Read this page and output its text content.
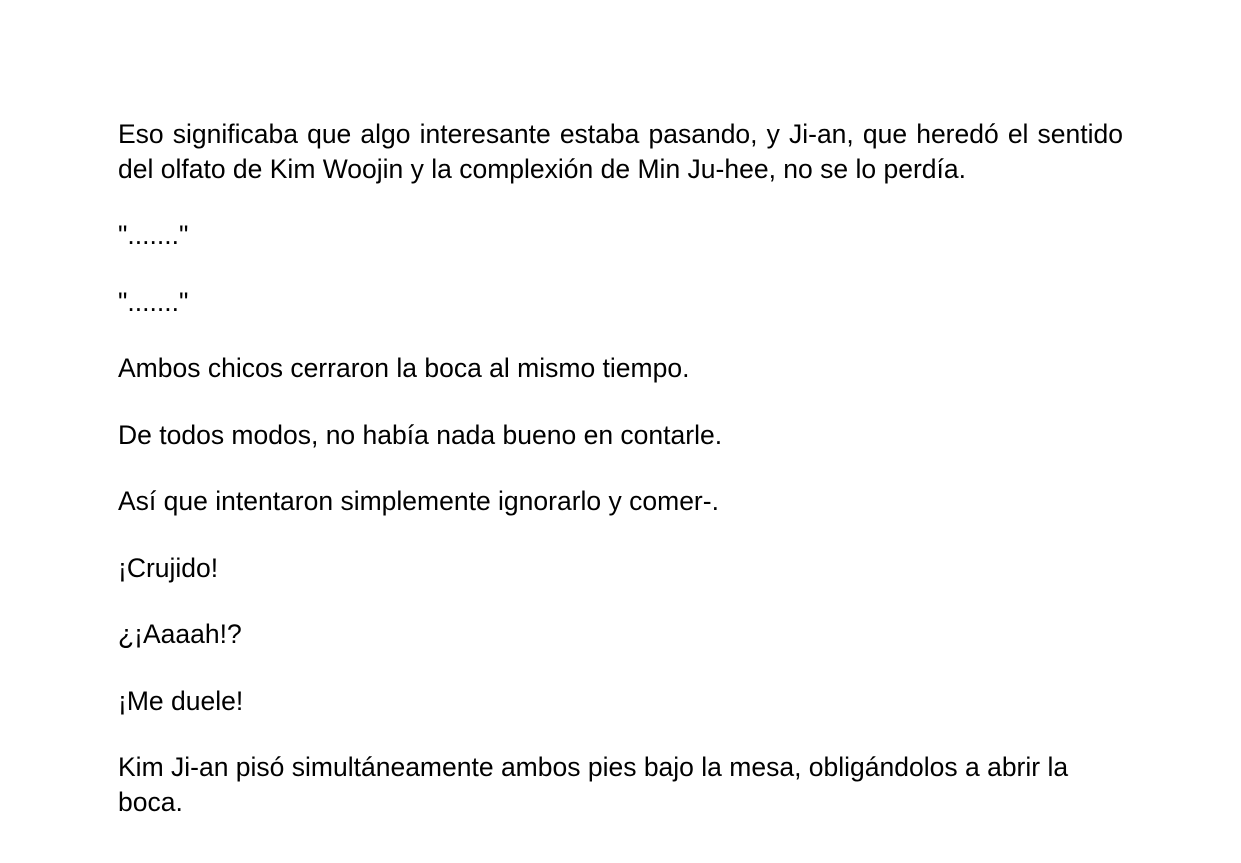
Eso significaba que algo interesante estaba pasando, y Ji-an, que heredó el sentido del olfato de Kim Woojin y la complexión de Min Ju-hee, no se lo perdía.

"......."

"......."

Ambos chicos cerraron la boca al mismo tiempo.

De todos modos, no había nada bueno en contarle.

Así que intentaron simplemente ignorarlo y comer-.

¡Crujido!

¿¡Aaaah!?

¡Me duele!

Kim Ji-an pisó simultáneamente ambos pies bajo la mesa, obligándolos a abrir la boca.
